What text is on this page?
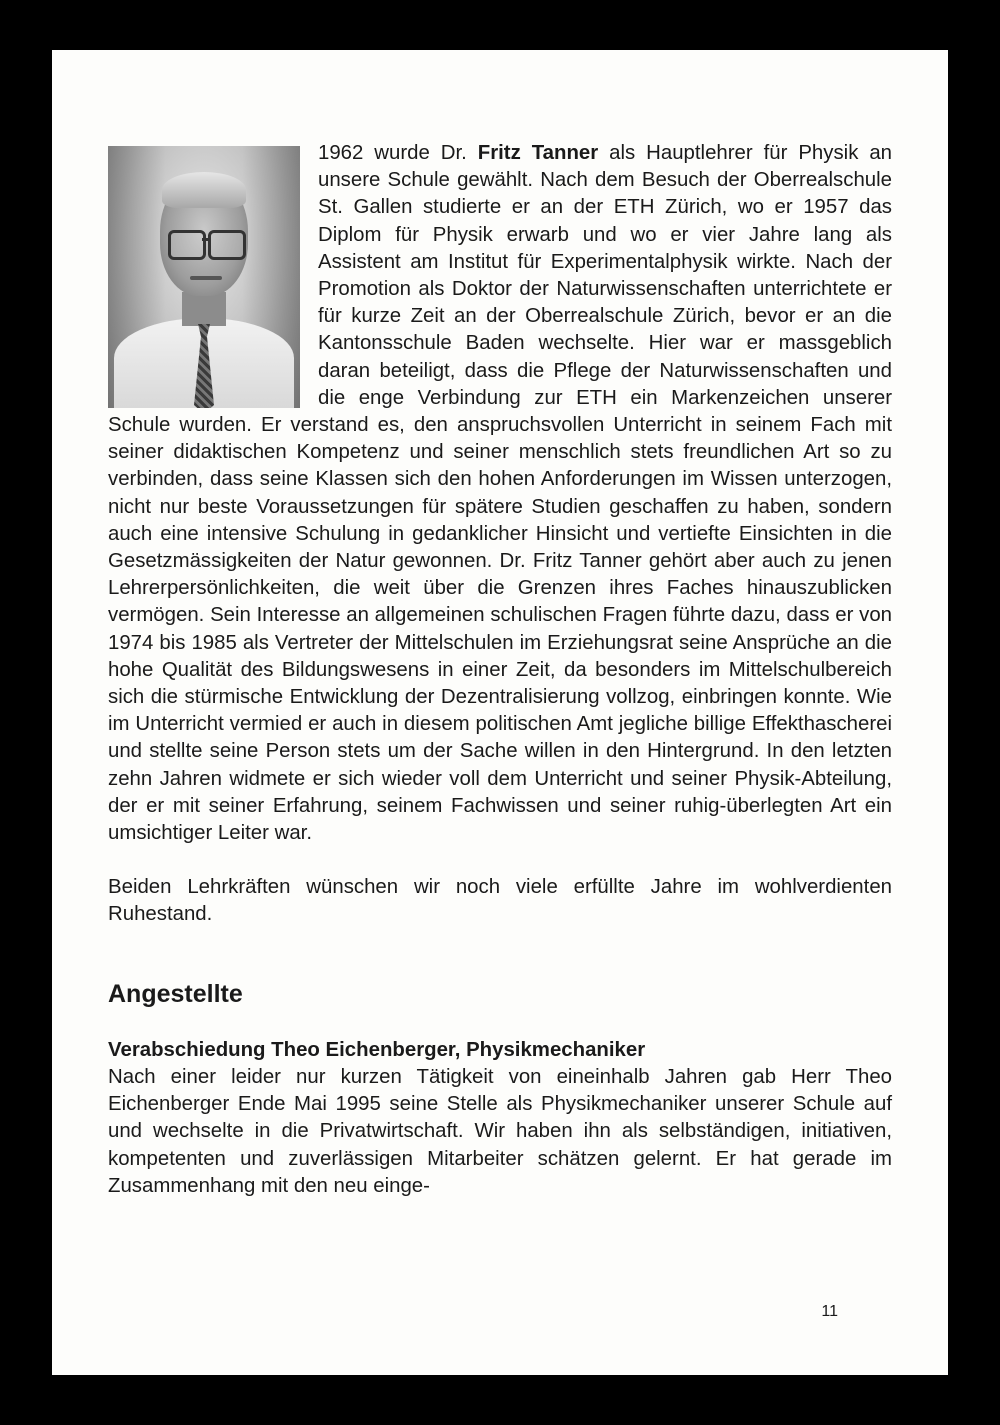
1962 wurde Dr. Fritz Tanner als Hauptlehrer für Physik an unsere Schule gewählt. Nach dem Besuch der Oberrealschule St. Gallen studierte er an der ETH Zürich, wo er 1957 das Diplom für Physik erwarb und wo er vier Jahre lang als Assistent am Institut für Experimentalphysik wirkte. Nach der Promotion als Doktor der Naturwissenschaften unterrichtete er für kurze Zeit an der Oberrealschule Zürich, bevor er an die Kantonsschule Baden wechselte. Hier war er massgeblich daran beteiligt, dass die Pflege der Naturwissenschaften und die enge Verbindung zur ETH ein Markenzeichen unserer Schule wurden. Er verstand es, den anspruchsvollen Unterricht in seinem Fach mit seiner didaktischen Kompetenz und seiner menschlich stets freundlichen Art so zu verbinden, dass seine Klassen sich den hohen Anforderungen im Wissen unterzogen, nicht nur beste Voraussetzungen für spätere Studien geschaffen zu haben, sondern auch eine intensive Schulung in gedanklicher Hinsicht und vertiefte Einsichten in die Gesetzmässigkeiten der Natur gewonnen. Dr. Fritz Tanner gehört aber auch zu jenen Lehrerpersönlichkeiten, die weit über die Grenzen ihres Faches hinauszublicken vermögen. Sein Interesse an allgemeinen schulischen Fragen führte dazu, dass er von 1974 bis 1985 als Vertreter der Mittelschulen im Erziehungsrat seine Ansprüche an die hohe Qualität des Bildungswesens in einer Zeit, da besonders im Mittelschulbereich sich die stürmische Entwicklung der Dezentralisierung vollzog, einbringen konnte. Wie im Unterricht vermied er auch in diesem politischen Amt jegliche billige Effekthascherei und stellte seine Person stets um der Sache willen in den Hintergrund. In den letzten zehn Jahren widmete er sich wieder voll dem Unterricht und seiner Physik-Abteilung, der er mit seiner Erfahrung, seinem Fachwissen und seiner ruhig-überlegten Art ein umsichtiger Leiter war.

Beiden Lehrkräften wünschen wir noch viele erfüllte Jahre im wohlverdienten Ruhestand.

Angestellte
Verabschiedung Theo Eichenberger, Physikmechaniker

Nach einer leider nur kurzen Tätigkeit von eineinhalb Jahren gab Herr Theo Eichenberger Ende Mai 1995 seine Stelle als Physikmechaniker unserer Schule auf und wechselte in die Privatwirtschaft. Wir haben ihn als selbständigen, initiativen, kompetenten und zuverlässigen Mitarbeiter schätzen gelernt. Er hat gerade im Zusammenhang mit den neu einge-

11
